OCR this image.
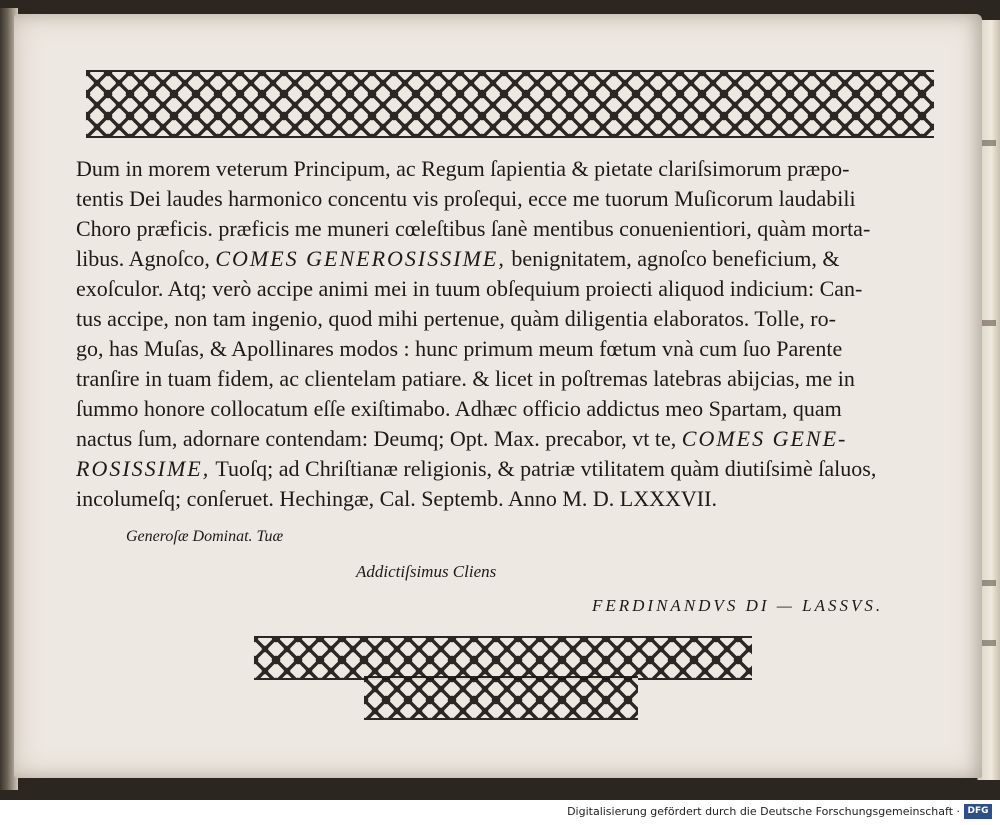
Dum in morem veterum Principum, ac Regum ſapientia & pietate clariſsimorum præpo-
tentis Dei laudes harmonico concentu vis proſequi, ecce me tuorum Muſicorum laudabili
Choro præficis. præficis me muneri cœleſtibus ſanè mentibus conuenientiori, quàm morta-
libus. Agnoſco, COMES GENEROSISSIME, benignitatem, agnoſco beneficium, &
exoſculor. Atq; verò accipe animi mei in tuum obſequium proiecti aliquod indicium: Can-
tus accipe, non tam ingenio, quod mihi pertenue, quàm diligentia elaboratos. Tolle, ro-
go, has Muſas, & Apollinares modos : hunc primum meum fœtum vnà cum ſuo Parente
tranſire in tuam fidem, ac clientelam patiare. & licet in poſtremas latebras abijcias, me in
ſummo honore collocatum eſſe exiſtimabo. Adhæc officio addictus meo Spartam, quam
nactus ſum, adornare contendam: Deumq; Opt. Max. precabor, vt te, COMES GENE-
ROSISSIME, Tuoſq; ad Chriſtianæ religionis, & patriæ vtilitatem quàm diutiſsimè ſaluos,
incolumeſq; conſeruet. Hechingæ, Cal. Septemb. Anno M. D. LXXXVII.
Generoſæ Dominat. Tuæ
Addictiſsimus Cliens
FERDINANDVS DI — LASSVS.
Digitalisierung gefördert durch die Deutsche Forschungsgemeinschaft · DFG
